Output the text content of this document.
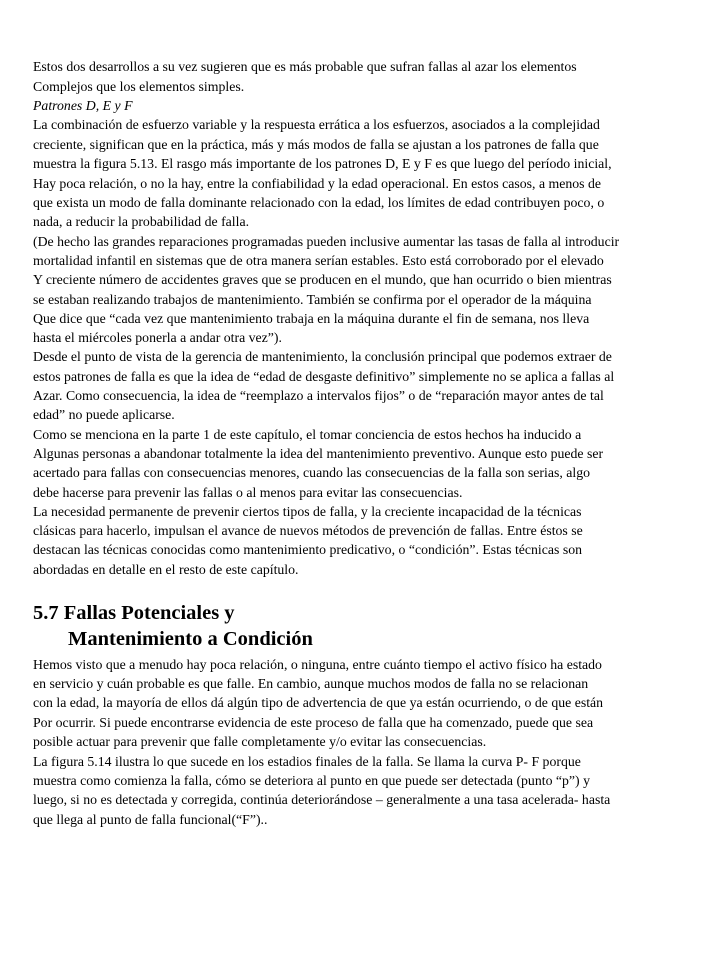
Estos dos desarrollos a su vez sugieren que es más probable que sufran fallas al azar los elementos
Complejos que los elementos simples.
Patrones D, E y F
La combinación de esfuerzo variable y la respuesta errática a los esfuerzos, asociados a la complejidad
creciente, significan que en la práctica, más y más modos de falla se ajustan a los patrones de falla que
muestra la figura 5.13. El rasgo más importante de los patrones D, E y F es que luego del período inicial,
Hay poca relación, o no la hay, entre la confiabilidad y la edad operacional. En estos casos, a menos de
que exista un modo de falla dominante relacionado con la edad, los límites de edad contribuyen poco, o
nada, a reducir la probabilidad de falla.
(De hecho las grandes reparaciones programadas pueden inclusive aumentar las tasas de falla al introducir
mortalidad infantil en sistemas que de otra manera serían estables. Esto está corroborado por el elevado
Y creciente número de accidentes graves que se producen en el mundo, que han ocurrido o bien mientras
se estaban realizando trabajos de mantenimiento. También se confirma por el operador de la máquina
Que dice que “cada vez que mantenimiento trabaja en la máquina durante el fin de semana, nos lleva
hasta el miércoles ponerla a andar otra vez”).
Desde el punto de vista de la gerencia de mantenimiento, la conclusión principal que podemos extraer de
estos patrones de falla es que la idea de “edad de desgaste definitivo” simplemente no se aplica a fallas al
Azar. Como consecuencia, la idea de “reemplazo a intervalos fijos” o de “reparación mayor antes de tal
edad” no puede aplicarse.
Como se menciona en la parte 1 de este capítulo, el tomar conciencia de estos hechos ha inducido a
Algunas personas a abandonar totalmente la idea del mantenimiento preventivo. Aunque esto puede ser
acertado para fallas con consecuencias menores, cuando las consecuencias de la falla son serias, algo
debe hacerse para prevenir las fallas o al menos para evitar las consecuencias.
La necesidad permanente de prevenir ciertos tipos de falla, y la creciente incapacidad de la técnicas
clásicas para hacerlo, impulsan el avance de nuevos métodos de prevención de fallas. Entre éstos se
destacan las técnicas conocidas como mantenimiento predicativo, o “condición”. Estas técnicas son
abordadas en detalle en el resto de este capítulo.
5.7 Fallas Potenciales y
Mantenimiento a Condición
Hemos visto que a menudo hay poca relación, o ninguna, entre cuánto tiempo el activo físico ha estado
en servicio y cuán probable es que falle. En cambio, aunque muchos modos de falla no se relacionan
con la edad, la mayoría de ellos dá algún tipo de advertencia de que ya están ocurriendo, o de que están
Por ocurrir. Si puede encontrarse evidencia de este proceso de falla que ha comenzado, puede que sea
posible actuar para prevenir que falle completamente y/o evitar las consecuencias.
La figura 5.14 ilustra lo que sucede en los estadios finales de la falla. Se llama la curva P- F porque
muestra como comienza la falla, cómo se deteriora al punto en que puede ser detectada (punto “p”) y
luego, si no es detectada y corregida, continúa deteriorándose – generalmente a una tasa acelerada- hasta
que llega al punto de falla funcional(“F”)..
